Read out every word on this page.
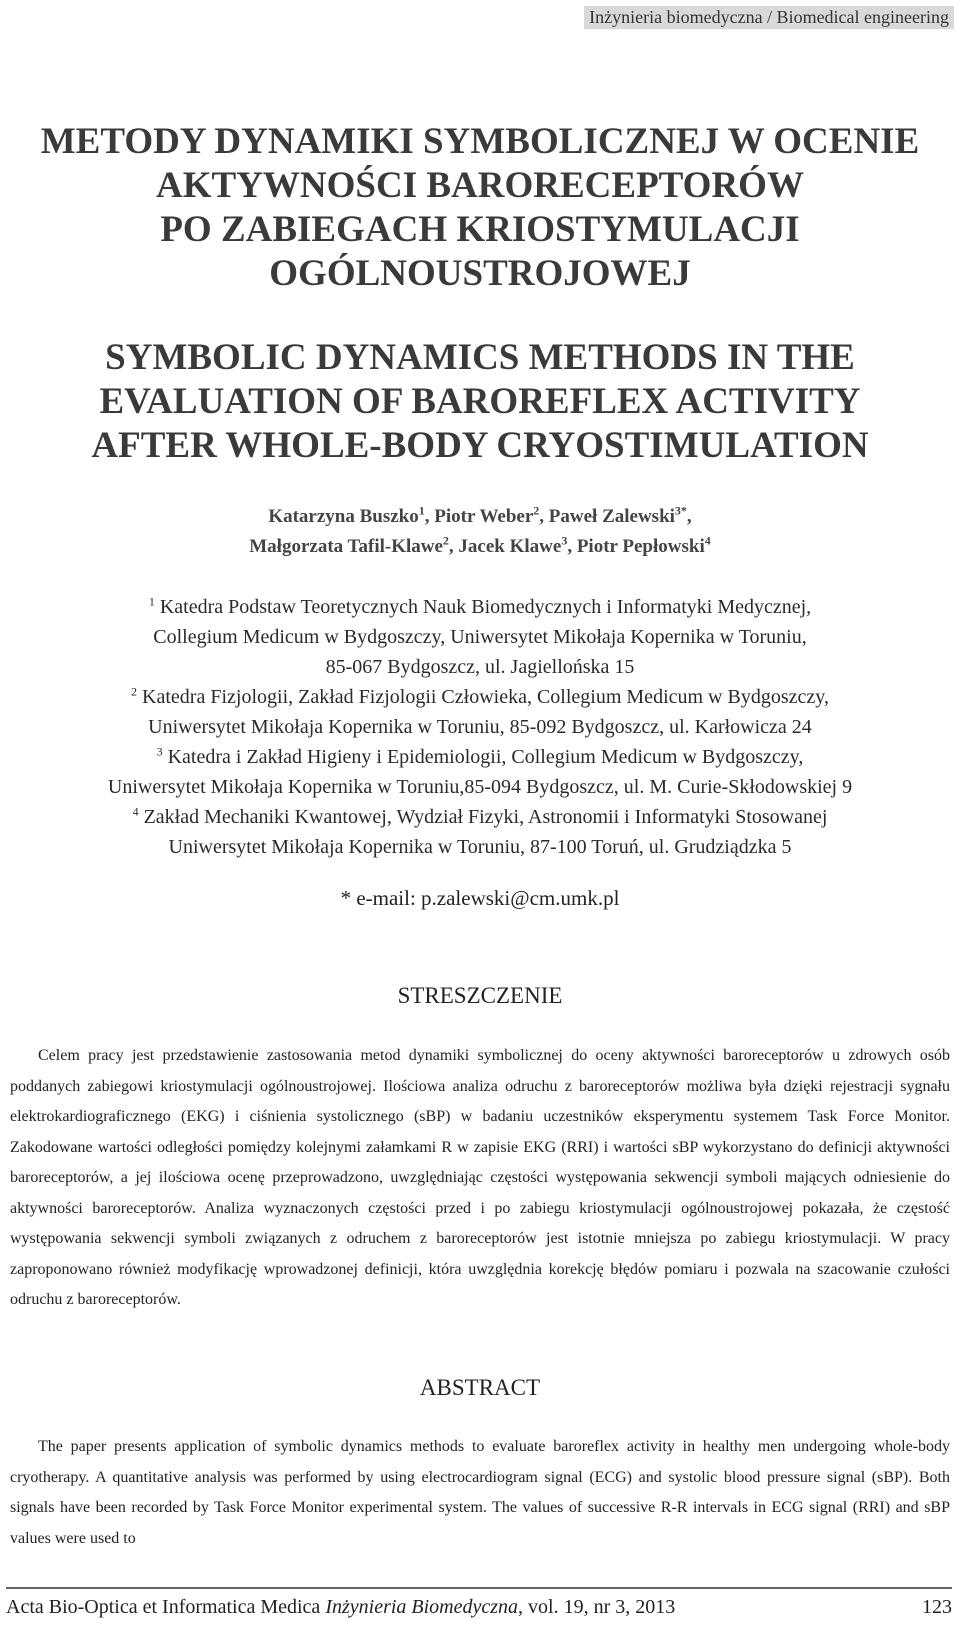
Inżynieria biomedyczna / Biomedical engineering
METODY DYNAMIKI SYMBOLICZNEJ W OCENIE
AKTYWNOŚCI BARORECEPTORÓW
PO ZABIEGACH KRIOSTYMULACJI
OGÓLNOUSTROJOWEJ
SYMBOLIC DYNAMICS METHODS IN THE
EVALUATION OF BAROREFLEX ACTIVITY
AFTER WHOLE-BODY CRYOSTIMULATION
Katarzyna Buszko$^1$, Piotr Weber$^2$, Paweł Zalewski$^{3*}$,
Małgorzata Tafil-Klawe$^2$, Jacek Klawe$^3$, Piotr Pepłowski$^4$
$^1$ Katedra Podstaw Teoretycznych Nauk Biomedycznych i Informatyki Medycznej,
Collegium Medicum w Bydgoszczy, Uniwersytet Mikołaja Kopernika w Toruniu,
85-067 Bydgoszcz, ul. Jagiellońska 15
$^2$ Katedra Fizjologii, Zakład Fizjologii Człowieka, Collegium Medicum w Bydgoszczy,
Uniwersytet Mikołaja Kopernika w Toruniu, 85-092 Bydgoszcz, ul. Karłowicza 24
$^3$ Katedra i Zakład Higieny i Epidemiologii, Collegium Medicum w Bydgoszczy,
Uniwersytet Mikołaja Kopernika w Toruniu,85-094 Bydgoszcz, ul. M. Curie-Skłodowskiej 9
$^4$ Zakład Mechaniki Kwantowej, Wydział Fizyki, Astronomii i Informatyki Stosowanej
Uniwersytet Mikołaja Kopernika w Toruniu, 87-100 Toruń, ul. Grudziądzka 5
* e-mail: p.zalewski@cm.umk.pl
STRESZCZENIE
Celem pracy jest przedstawienie zastosowania metod dynamiki symbolicznej do oceny aktywności baroreceptorów u zdrowych osób poddanych zabiegowi kriostymulacji ogólnoustrojowej. Ilościowa analiza odruchu z baroreceptorów możliwa była dzięki rejestracji sygnału elektrokardiograficznego (EKG) i ciśnienia systolicznego (sBP) w badaniu uczestników eksperymentu systemem Task Force Monitor. Zakodowane wartości odległości pomiędzy kolejnymi załamkami R w zapisie EKG (RRI) i wartości sBP wykorzystano do definicji aktywności baroreceptorów, a jej ilościowa ocenę przeprowadzono, uwzględniając częstości występowania sekwencji symboli mających odniesienie do aktywności baroreceptorów. Analiza wyznaczonych częstości przed i po zabiegu kriostymulacji ogólnoustrojowej pokazała, że częstość występowania sekwencji symboli związanych z odruchem z baroreceptorów jest istotnie mniejsza po zabiegu kriostymulacji. W pracy zaproponowano również modyfikację wprowadzonej definicji, która uwzględnia korekcję błędów pomiaru i pozwala na szacowanie czułości odruchu z baroreceptorów.
ABSTRACT
The paper presents application of symbolic dynamics methods to evaluate baroreflex activity in healthy men undergoing whole-body cryotherapy. A quantitative analysis was performed by using electrocardiogram signal (ECG) and systolic blood pressure signal (sBP). Both signals have been recorded by Task Force Monitor experimental system. The values of successive R-R intervals in ECG signal (RRI) and sBP values were used to
Acta Bio-Optica et Informatica Medica Inżynieria Biomedyczna, vol. 19, nr 3, 2013	123
